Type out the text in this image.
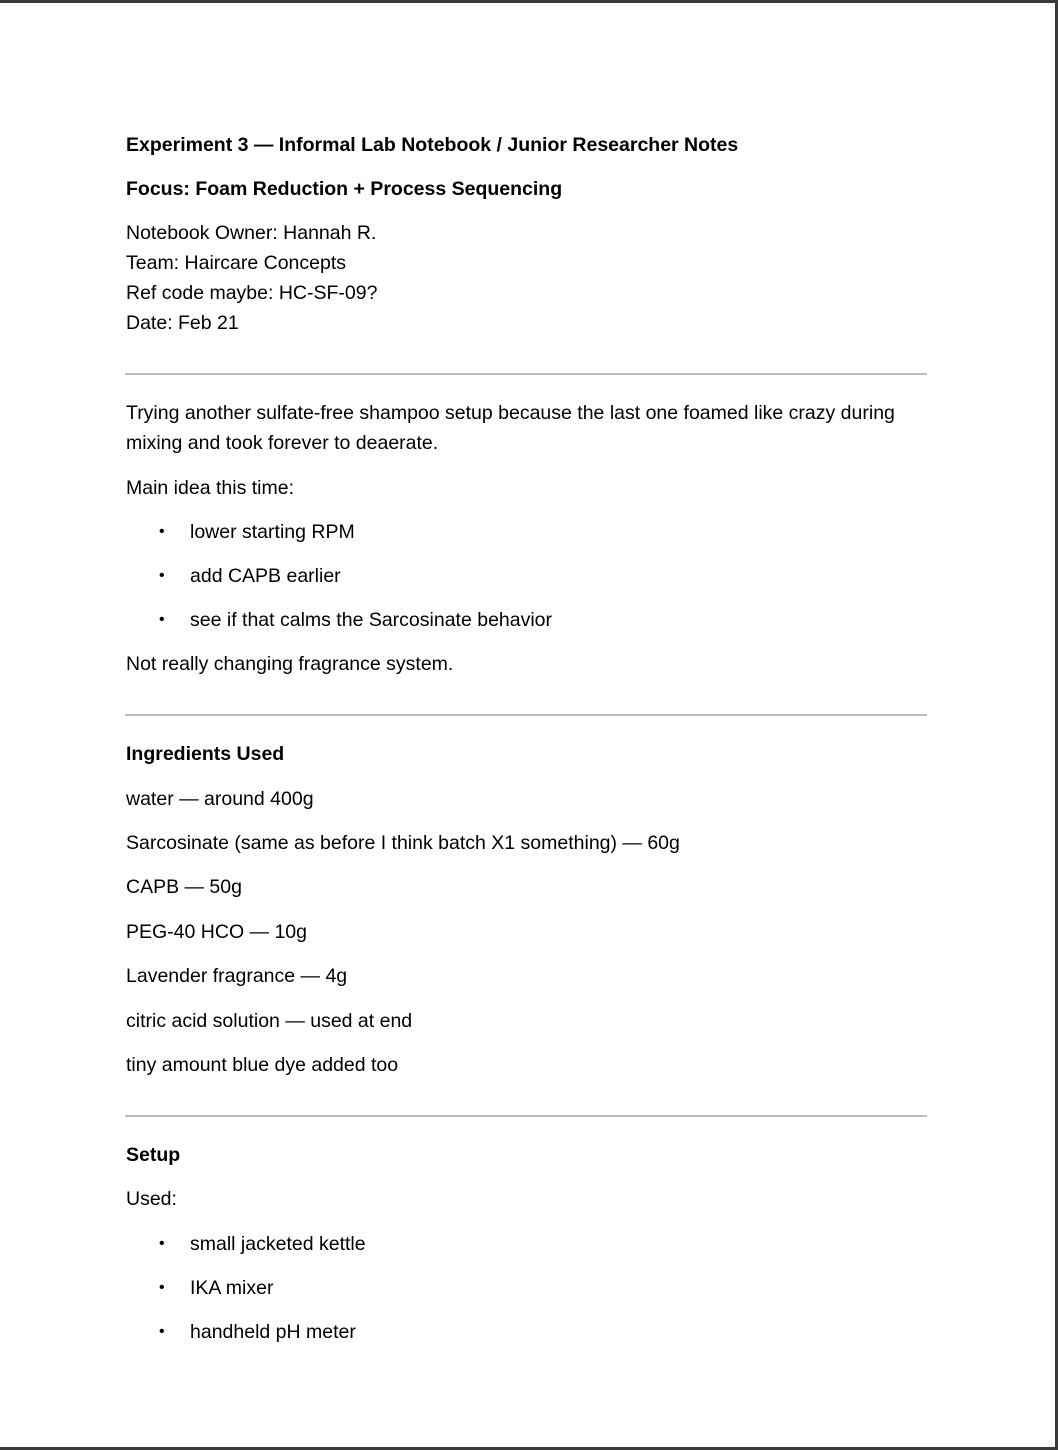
Experiment 3 — Informal Lab Notebook / Junior Researcher Notes
Focus: Foam Reduction + Process Sequencing
Notebook Owner: Hannah R.
Team: Haircare Concepts
Ref code maybe: HC-SF-09?
Date: Feb 21
Trying another sulfate-free shampoo setup because the last one foamed like crazy during mixing and took forever to deaerate.
Main idea this time:
• lower starting RPM
• add CAPB earlier
• see if that calms the Sarcosinate behavior
Not really changing fragrance system.
Ingredients Used
water — around 400g
Sarcosinate (same as before I think batch X1 something) — 60g
CAPB — 50g
PEG-40 HCO — 10g
Lavender fragrance — 4g
citric acid solution — used at end
tiny amount blue dye added too
Setup
Used:
• small jacketed kettle
• IKA mixer
• handheld pH meter
